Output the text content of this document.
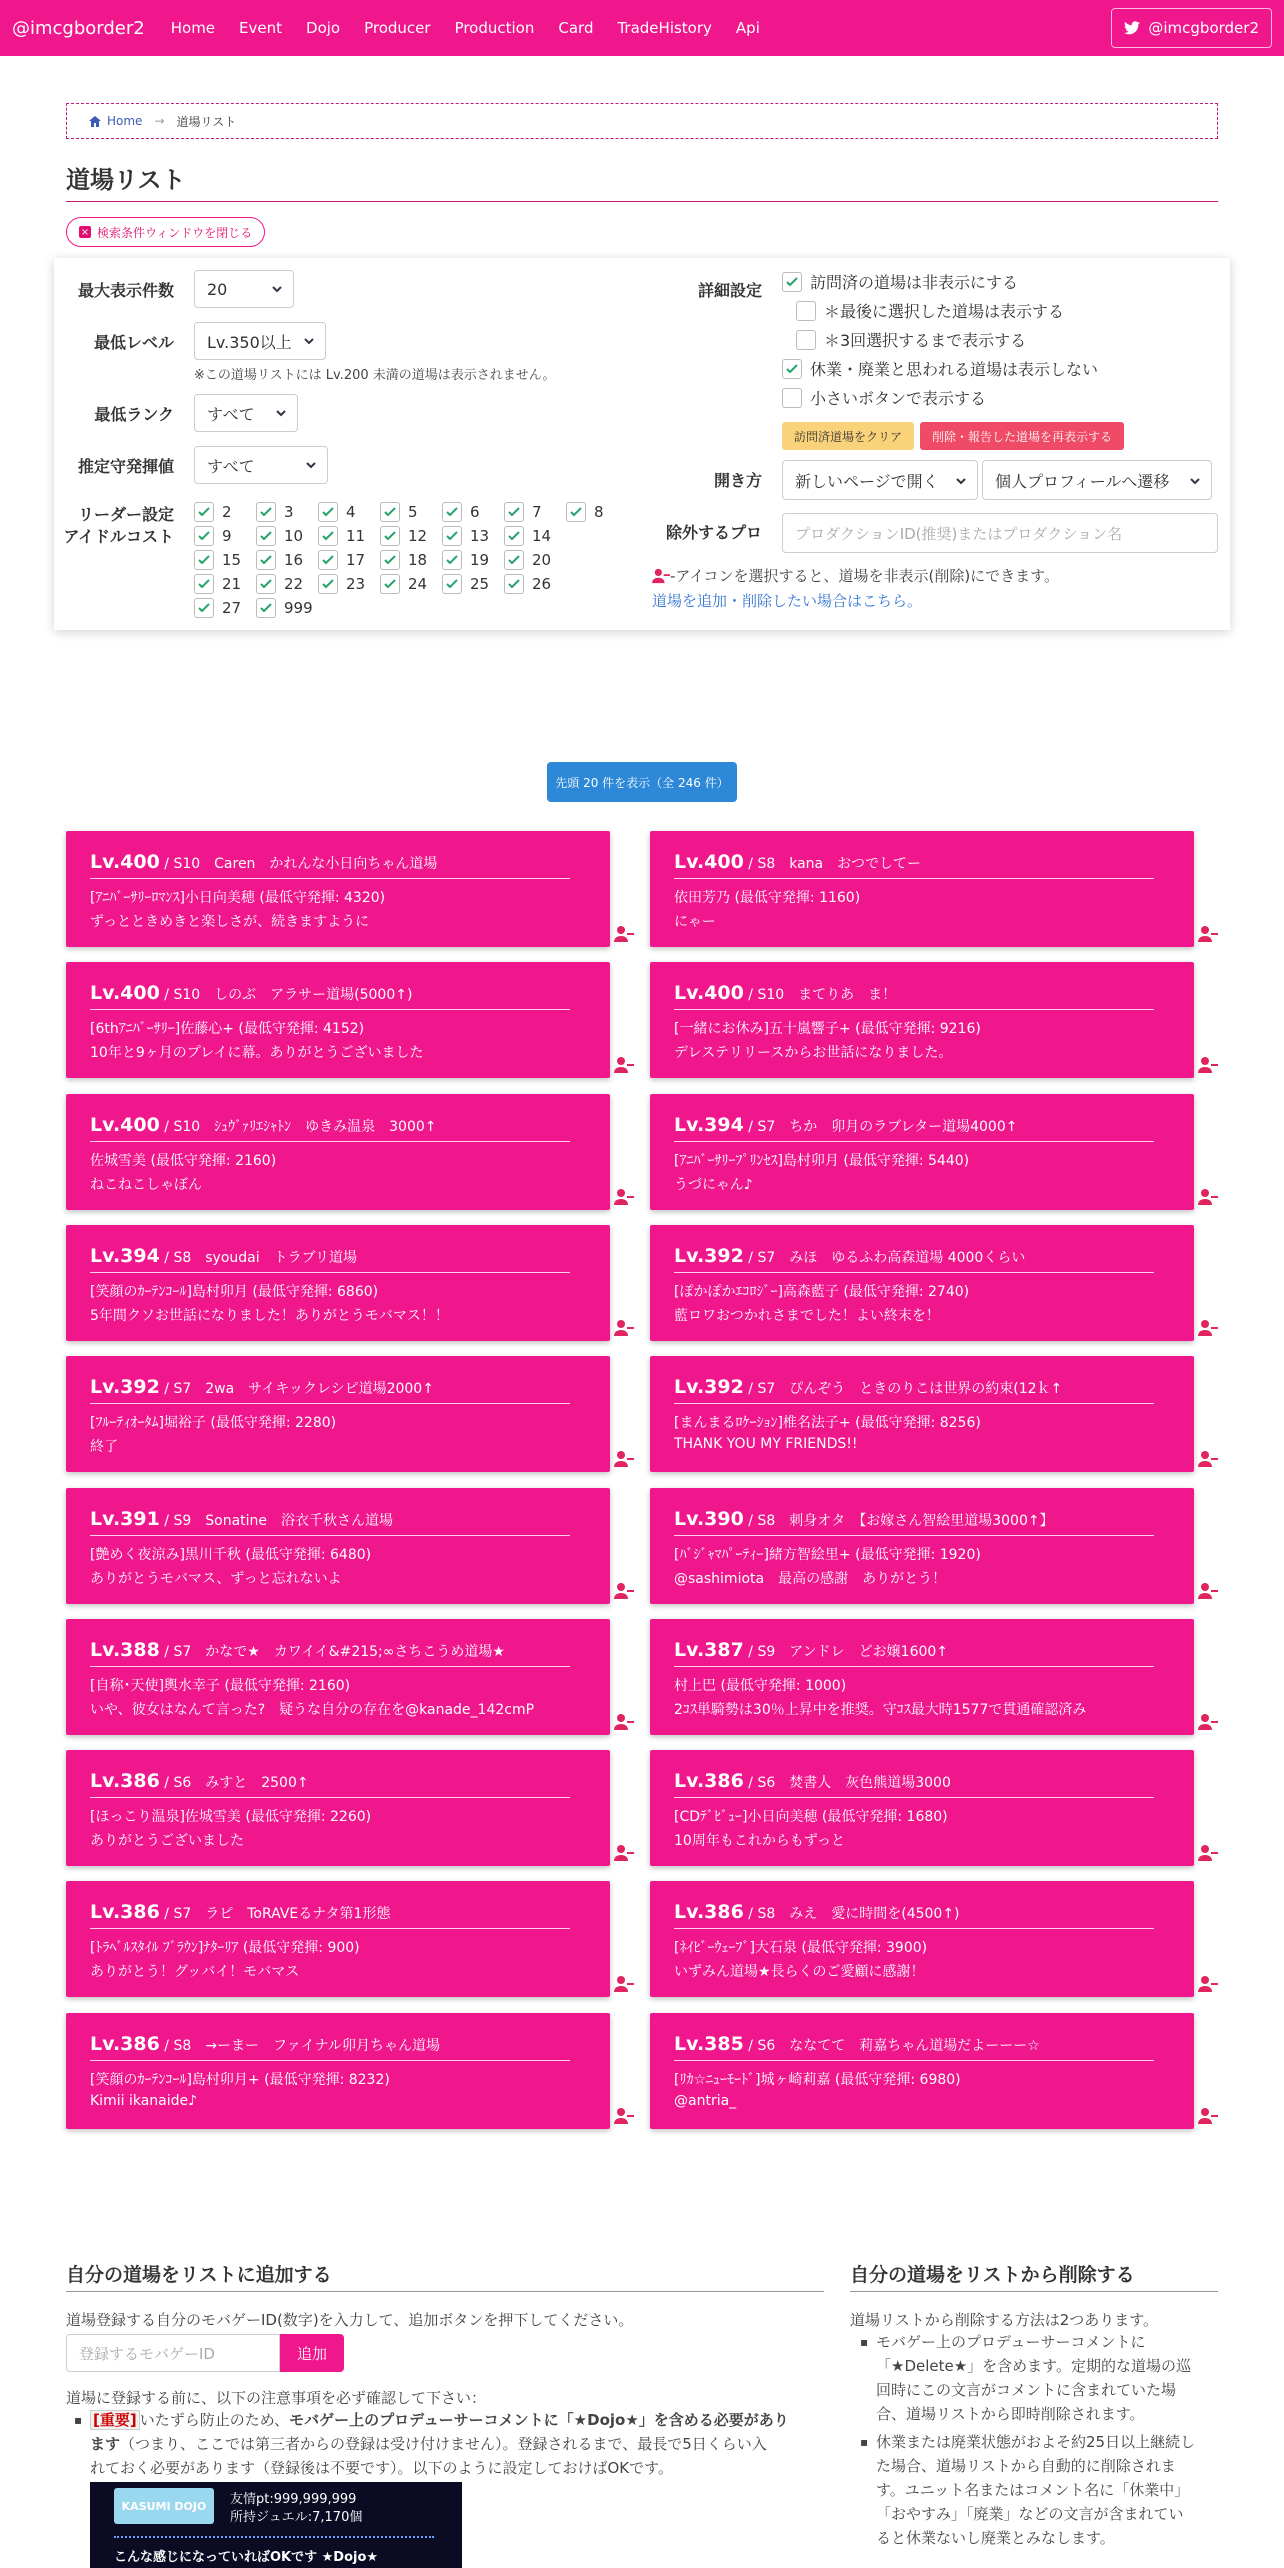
@imcgborder2 Home Event Dojo Producer Production Card TradeHistory Api	@imcgborder2
Home → 道場リスト
道場リスト
× 検索条件ウィンドウを閉じる
最大表示件数 20
最低レベル Lv.350以上
※この道場リストには Lv.200 未満の道場は表示されません。
最低ランク すべて
推定守発揮値 すべて
リーダー設定
アイドルコスト
2	3	4	5	6	7	8
9	10	11	12	13	14
15	16	17	18	19	20
21	22	23	24	25	26
27	999
詳細設定	訪問済の道場は非表示にする
＊最後に選択した道場は表示する
＊3回選択するまで表示する
休業・廃業と思われる道場は表示しない
小さいボタンで表示する
訪問済道場をクリア	削除・報告した道場を再表示する
開き方 新しいページで開く	個人プロフィールへ遷移
除外するプロ	プロダクションID(推奨)またはプロダクション名
-アイコンを選択すると、道場を非表示(削除)にできます。
道場を追加・削除したい場合はこちら。
先頭 20 件を表示（全 246 件）
Lv.400 / S10　Caren　かれんな小日向ちゃん道場
[ｱﾆﾊﾞｰｻﾘｰﾛﾏﾝｽ]小日向美穂 (最低守発揮: 4320)
ずっとときめきと楽しさが、続きますように
Lv.400 / S8　kana　おつでしてー
依田芳乃 (最低守発揮: 1160)
にゃー
Lv.400 / S10　しのぶ　アラサー道場(5000↑)
[6thｱﾆﾊﾞｰｻﾘｰ]佐藤心+ (最低守発揮: 4152)
10年と9ヶ月のプレイに幕。ありがとうございました
Lv.400 / S10　まてりあ　ま！
[一緒にお休み]五十嵐響子+ (最低守発揮: 9216)
デレステリリースからお世話になりました。
Lv.400 / S10　ｼｭｳﾞｧﾘｴｼｬﾄﾝ　ゆきみ温泉　3000↑
佐城雪美 (最低守発揮: 2160)
ねこねこしゃぼん
Lv.394 / S7　ちか　卯月のラブレター道場4000↑
[ｱﾆﾊﾞｰｻﾘｰﾌﾟﾘﾝｾｽ]島村卯月 (最低守発揮: 5440)
うづにゃん♪
Lv.394 / S8　syoudai　トラブリ道場
[笑顔のｶｰﾃﾝｺｰﾙ]島村卯月 (最低守発揮: 6860)
5年間クソお世話になりました！ありがとうモバマス！！
Lv.392 / S7　みほ　ゆるふわ高森道場 4000くらい
[ぽかぽかｴｺﾛｼﾞｰ]高森藍子 (最低守発揮: 2740)
藍ロワおつかれさまでした！よい終末を！
Lv.392 / S7　2wa　サイキックレシピ道場2000↑
[ﾌﾙｰﾃｨｵｰﾀﾑ]堀裕子 (最低守発揮: 2280)
終了
Lv.392 / S7　ぴんぞう　ときのりこは世界の約束(12ｋ↑
[まんまるﾛｹｰｼｮﾝ]椎名法子+ (最低守発揮: 8256)
THANK YOU MY FRIENDS!!
Lv.391 / S9　Sonatine　浴衣千秋さん道場
[艶めく夜涼み]黒川千秋 (最低守発揮: 6480)
ありがとうモバマス、ずっと忘れないよ
Lv.390 / S8　刺身オタ　【お嫁さん智絵里道場3000↑】
[ﾊﾞｼﾞｬﾏﾊﾟｰﾃｨｰ]緒方智絵里+ (最低守発揮: 1920)
@sashimiota　最高の感謝　ありがとう！
Lv.388 / S7　かなで★　カワイイ&#215;∞さちこうめ道場★
[自称･天使]輿水幸子 (最低守発揮: 2160)
いや、彼女はなんて言った?　疑うな自分の存在を@kanade_142cmP
Lv.387 / S9　アンドレ　どお嬢1600↑
村上巴 (最低守発揮: 1000)
2ｺｽ単騎勢は30％上昇中を推奨。守ｺｽ最大時1577で貫通確認済み
Lv.386 / S6　みすと　2500↑
[ほっこり温泉]佐城雪美 (最低守発揮: 2260)
ありがとうございました
Lv.386 / S6　焚書人　灰色熊道場3000
[CDﾃﾞﾋﾞｭｰ]小日向美穂 (最低守発揮: 1680)
10周年もこれからもずっと
Lv.386 / S7　ラピ　ToRAVEるナタ第1形態
[ﾄﾗﾍﾞﾙｽﾀｲﾙ ﾌﾞﾗｳﾝ]ﾅﾀｰﾘｱ (最低守発揮: 900)
ありがとう！グッバイ！モバマス
Lv.386 / S8　みえ　愛に時間を(4500↑)
[ﾈｲﾋﾞｰｳｪｰﾌﾞ]大石泉 (最低守発揮: 3900)
いずみん道場★長らくのご愛顧に感謝！
Lv.386 / S8　→ーまー　ファイナル卯月ちゃん道場
[笑顔のｶｰﾃﾝｺｰﾙ]島村卯月+ (最低守発揮: 8232)
Kimii ikanaide♪
Lv.385 / S6　ななてて　莉嘉ちゃん道場だよーーー☆
[ﾘｶ☆ﾆｭｰﾓｰﾄﾞ]城ヶ崎莉嘉 (最低守発揮: 6980)
@antria_
自分の道場をリストに追加する
道場登録する自分のモバゲーID(数字)を入力して、追加ボタンを押下してください。
登録するモバゲーID	追加
道場に登録する前に、以下の注意事項を必ず確認して下さい：
▪ [重要] いたずら防止のため、モバゲー上のプロデューサーコメントに「★Dojo★」を含める必要があり
ます（つまり、ここでは第三者からの登録は受け付けません）。登録されるまで、最長で5日くらい入
れておく必要があります（登録後は不要です）。以下のように設定しておけばOKです。
KASUMI DOJO	友情pt:999,999,999
所持ジュエル:7,170個
こんな感じになっていればOKです ★Dojo★
自分の道場をリストから削除する
道場リストから削除する方法は2つあります。
▪ モバゲー上のプロデューサーコメントに
「★Delete★」を含めます。定期的な道場の巡
回時にこの文言がコメントに含まれていた場
合、道場リストから即時削除されます。
▪ 休業または廃業状態がおよそ約25日以上継続し
た場合、道場リストから自動的に削除されま
す。ユニット名またはコメント名に「休業中」
「おやすみ」「廃業」などの文言が含まれてい
ると休業ないし廃業とみなします。
